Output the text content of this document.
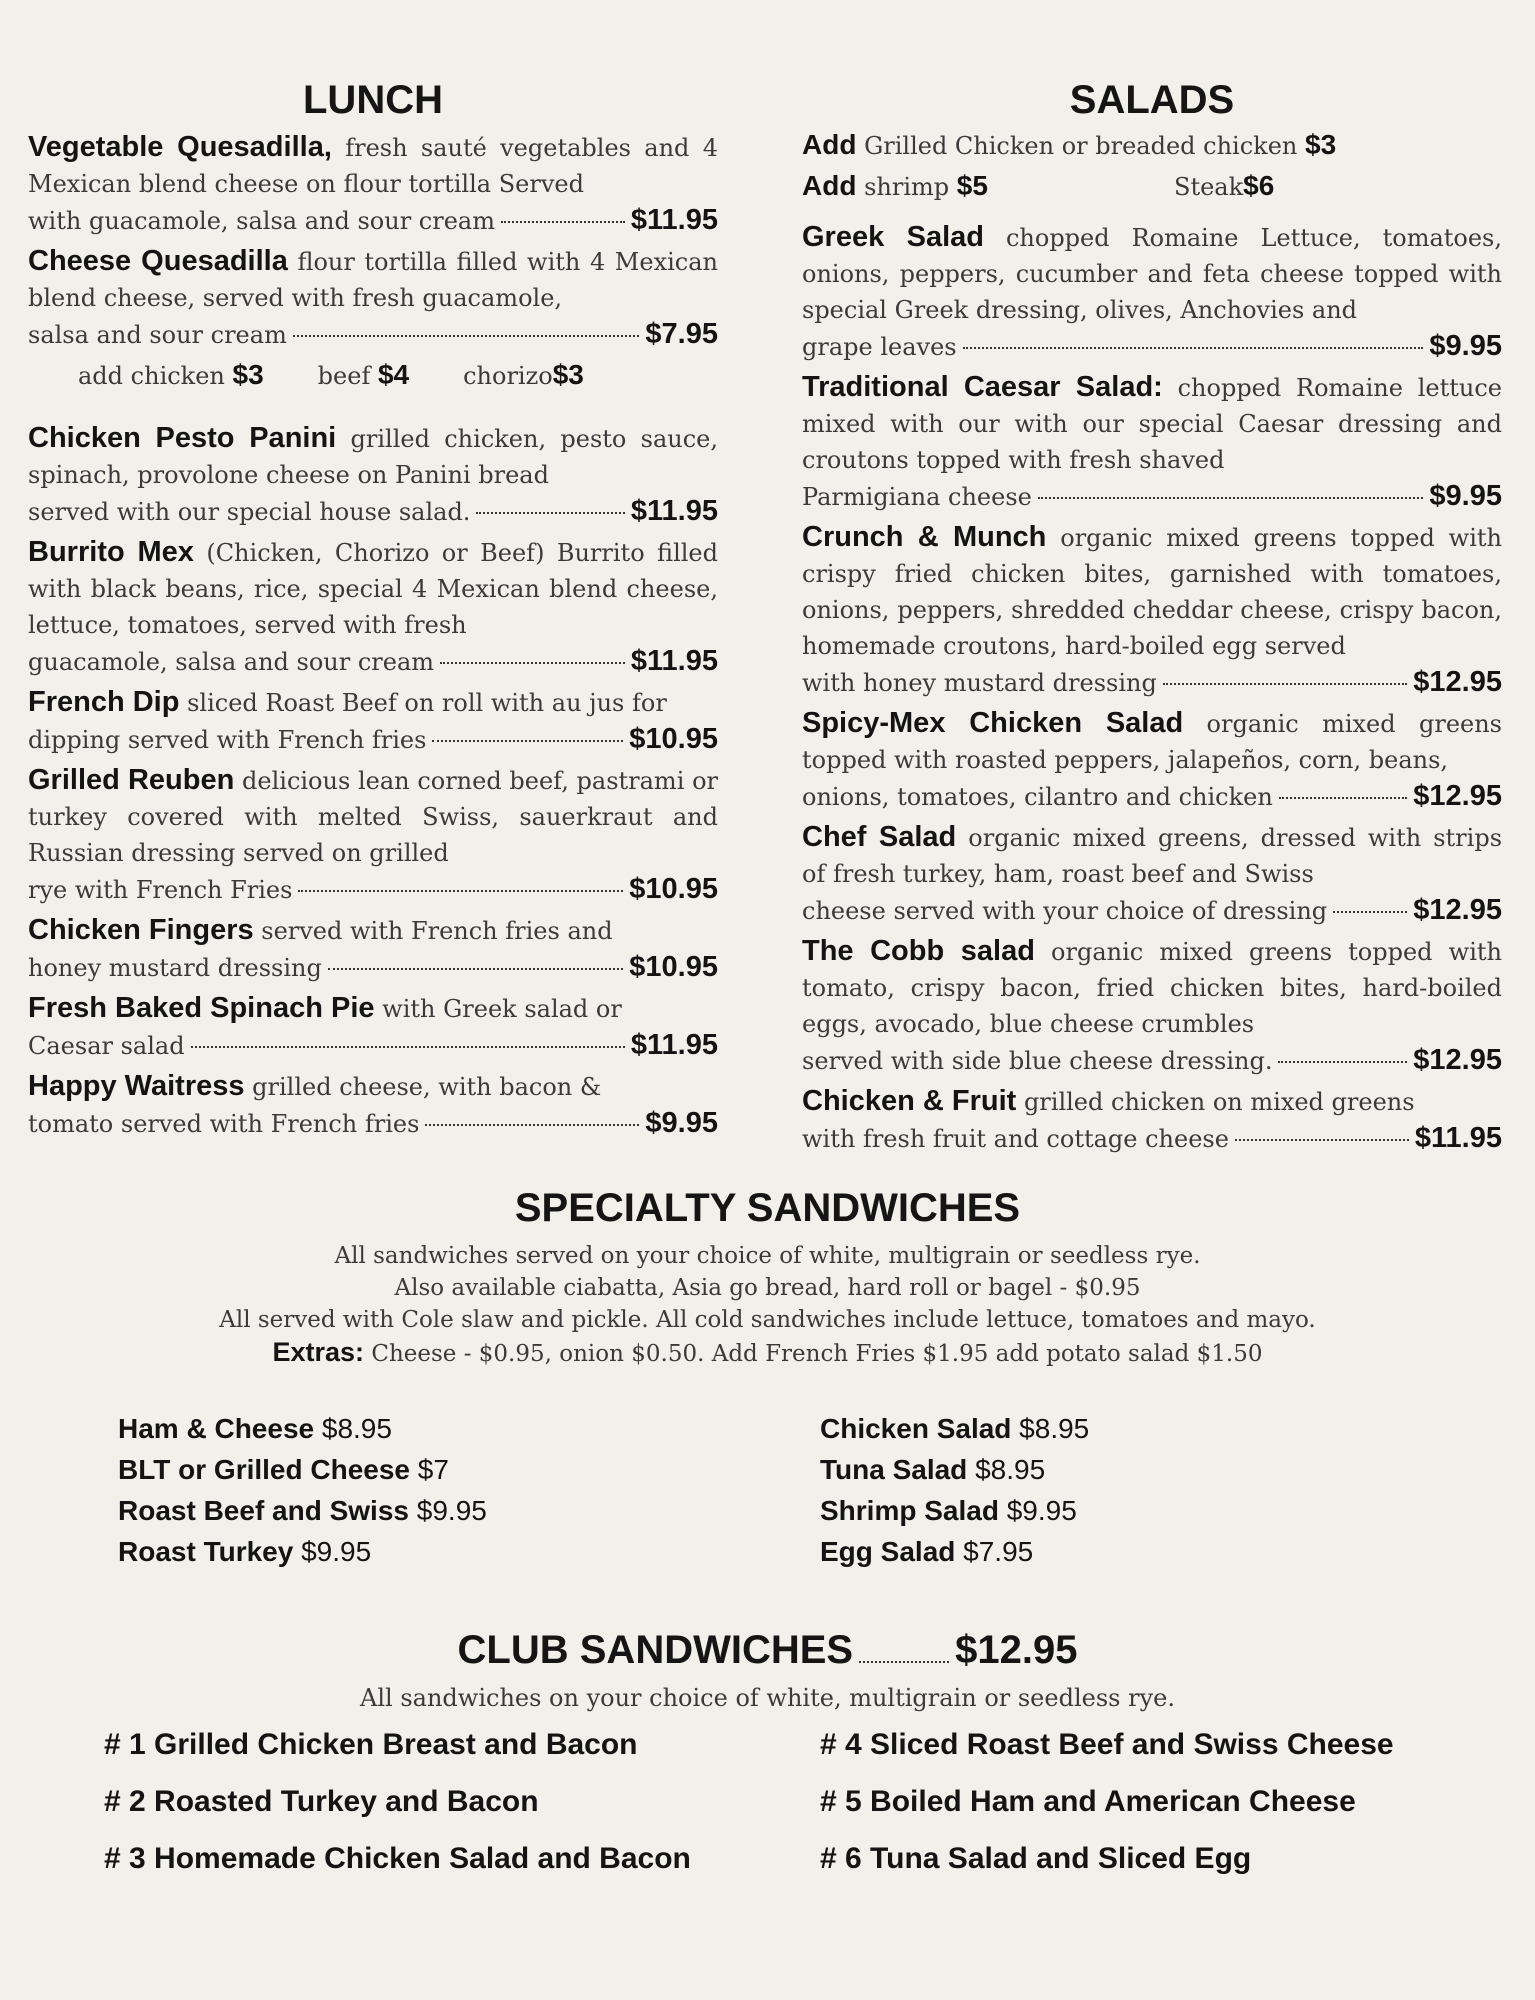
LUNCH
Vegetable Quesadilla, fresh sauté vegetables and 4 Mexican blend cheese on flour tortilla Served
with guacamole, salsa and sour cream	$11.95
Cheese Quesadilla flour tortilla filled with 4 Mexican blend cheese, served with fresh guacamole,
salsa and sour cream	$7.95
add chicken $3 beef $4 chorizo$3
Chicken Pesto Panini grilled chicken, pesto sauce, spinach, provolone cheese on Panini bread
served with our special house salad.	$11.95
Burrito Mex (Chicken, Chorizo or Beef) Burrito filled with black beans, rice, special 4 Mexican blend cheese, lettuce, tomatoes, served with fresh
guacamole, salsa and sour cream	$11.95
French Dip sliced Roast Beef on roll with au jus for
dipping served with French fries	$10.95
Grilled Reuben delicious lean corned beef, pastrami or turkey covered with melted Swiss, sauerkraut and Russian dressing served on grilled
rye with French Fries	$10.95
Chicken Fingers served with French fries and
honey mustard dressing	$10.95
Fresh Baked Spinach Pie with Greek salad or
Caesar salad	$11.95
Happy Waitress grilled cheese, with bacon &
tomato served with French fries	$9.95
SALADS
Add Grilled Chicken or breaded chicken $3
Add shrimp $5	Steak$6
Greek Salad chopped Romaine Lettuce, tomatoes, onions, peppers, cucumber and feta cheese topped with special Greek dressing, olives, Anchovies and
grape leaves	$9.95
Traditional Caesar Salad: chopped Romaine lettuce mixed with our with our special Caesar dressing and croutons topped with fresh shaved
Parmigiana cheese	$9.95
Crunch & Munch organic mixed greens topped with crispy fried chicken bites, garnished with tomatoes, onions, peppers, shredded cheddar cheese, crispy bacon, homemade croutons, hard-boiled egg served
with honey mustard dressing	$12.95
Spicy-Mex Chicken Salad organic mixed greens topped with roasted peppers, jalapeños, corn, beans,
onions, tomatoes, cilantro and chicken	$12.95
Chef Salad organic mixed greens, dressed with strips of fresh turkey, ham, roast beef and Swiss
cheese served with your choice of dressing	$12.95
The Cobb salad organic mixed greens topped with tomato, crispy bacon, fried chicken bites, hard-boiled eggs, avocado, blue cheese crumbles
served with side blue cheese dressing.	$12.95
Chicken & Fruit grilled chicken on mixed greens
with fresh fruit and cottage cheese	$11.95
SPECIALTY SANDWICHES
All sandwiches served on your choice of white, multigrain or seedless rye.
Also available ciabatta, Asia go bread, hard roll or bagel - $0.95
All served with Cole slaw and pickle. All cold sandwiches include lettuce, tomatoes and mayo.
Extras: Cheese - $0.95, onion $0.50. Add French Fries $1.95 add potato salad $1.50
Ham & Cheese $8.95
BLT or Grilled Cheese $7
Roast Beef and Swiss $9.95
Roast Turkey $9.95
Chicken Salad $8.95
Tuna Salad $8.95
Shrimp Salad $9.95
Egg Salad $7.95
CLUB SANDWICHES	$12.95
All sandwiches on your choice of white, multigrain or seedless rye.
# 1 Grilled Chicken Breast and Bacon
# 2 Roasted Turkey and Bacon
# 3 Homemade Chicken Salad and Bacon
# 4 Sliced Roast Beef and Swiss Cheese
# 5 Boiled Ham and American Cheese
# 6 Tuna Salad and Sliced Egg
